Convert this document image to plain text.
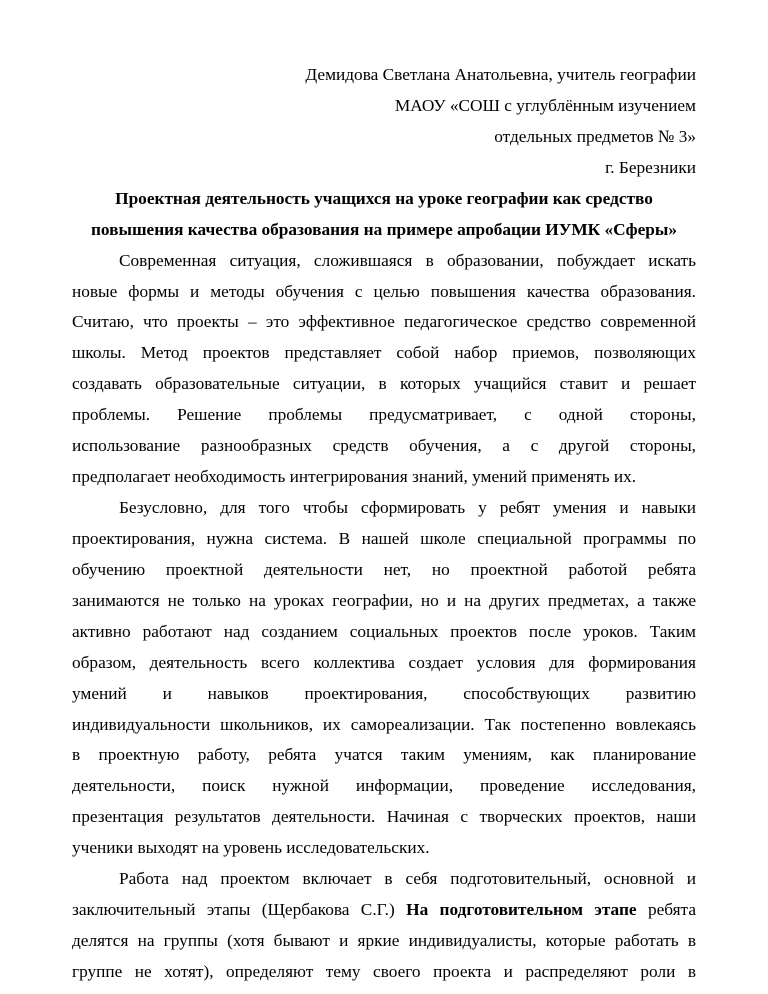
Демидова Светлана Анатольевна, учитель географии
МАОУ «СОШ с углублённым изучением
отдельных предметов № 3»
г. Березники
Проектная деятельность учащихся на уроке географии как средство
повышения качества образования на примере апробации ИУМК «Сферы»
Современная ситуация, сложившаяся в образовании, побуждает искать
новые формы и методы обучения с целью повышения качества образования.
Считаю, что проекты – это эффективное педагогическое средство современной
школы. Метод проектов представляет собой набор приемов, позволяющих
создавать образовательные ситуации, в которых учащийся ставит и решает
проблемы. Решение проблемы предусматривает, с одной стороны,
использование разнообразных средств обучения, а с другой стороны,
предполагает необходимость интегрирования знаний, умений применять их.
Безусловно, для того чтобы сформировать у ребят умения и навыки
проектирования, нужна система. В нашей школе специальной программы по
обучению проектной деятельности нет, но проектной работой ребята
занимаются не только на уроках географии, но и на других предметах, а также
активно работают над созданием социальных проектов после уроков. Таким
образом, деятельность всего коллектива создает условия для формирования
умений и навыков проектирования, способствующих развитию
индивидуальности школьников, их самореализации. Так постепенно вовлекаясь
в проектную работу, ребята учатся таким умениям, как планирование
деятельности, поиск нужной информации, проведение исследования,
презентация результатов деятельности. Начиная с творческих проектов, наши
ученики выходят на уровень исследовательских.
Работа над проектом включает в себя подготовительный, основной и
заключительный этапы (Щербакова С.Г.) На подготовительном этапе ребята
делятся на группы (хотя бывают и яркие индивидуалисты, которые работать в
группе не хотят), определяют тему своего проекта и распределяют роли в
